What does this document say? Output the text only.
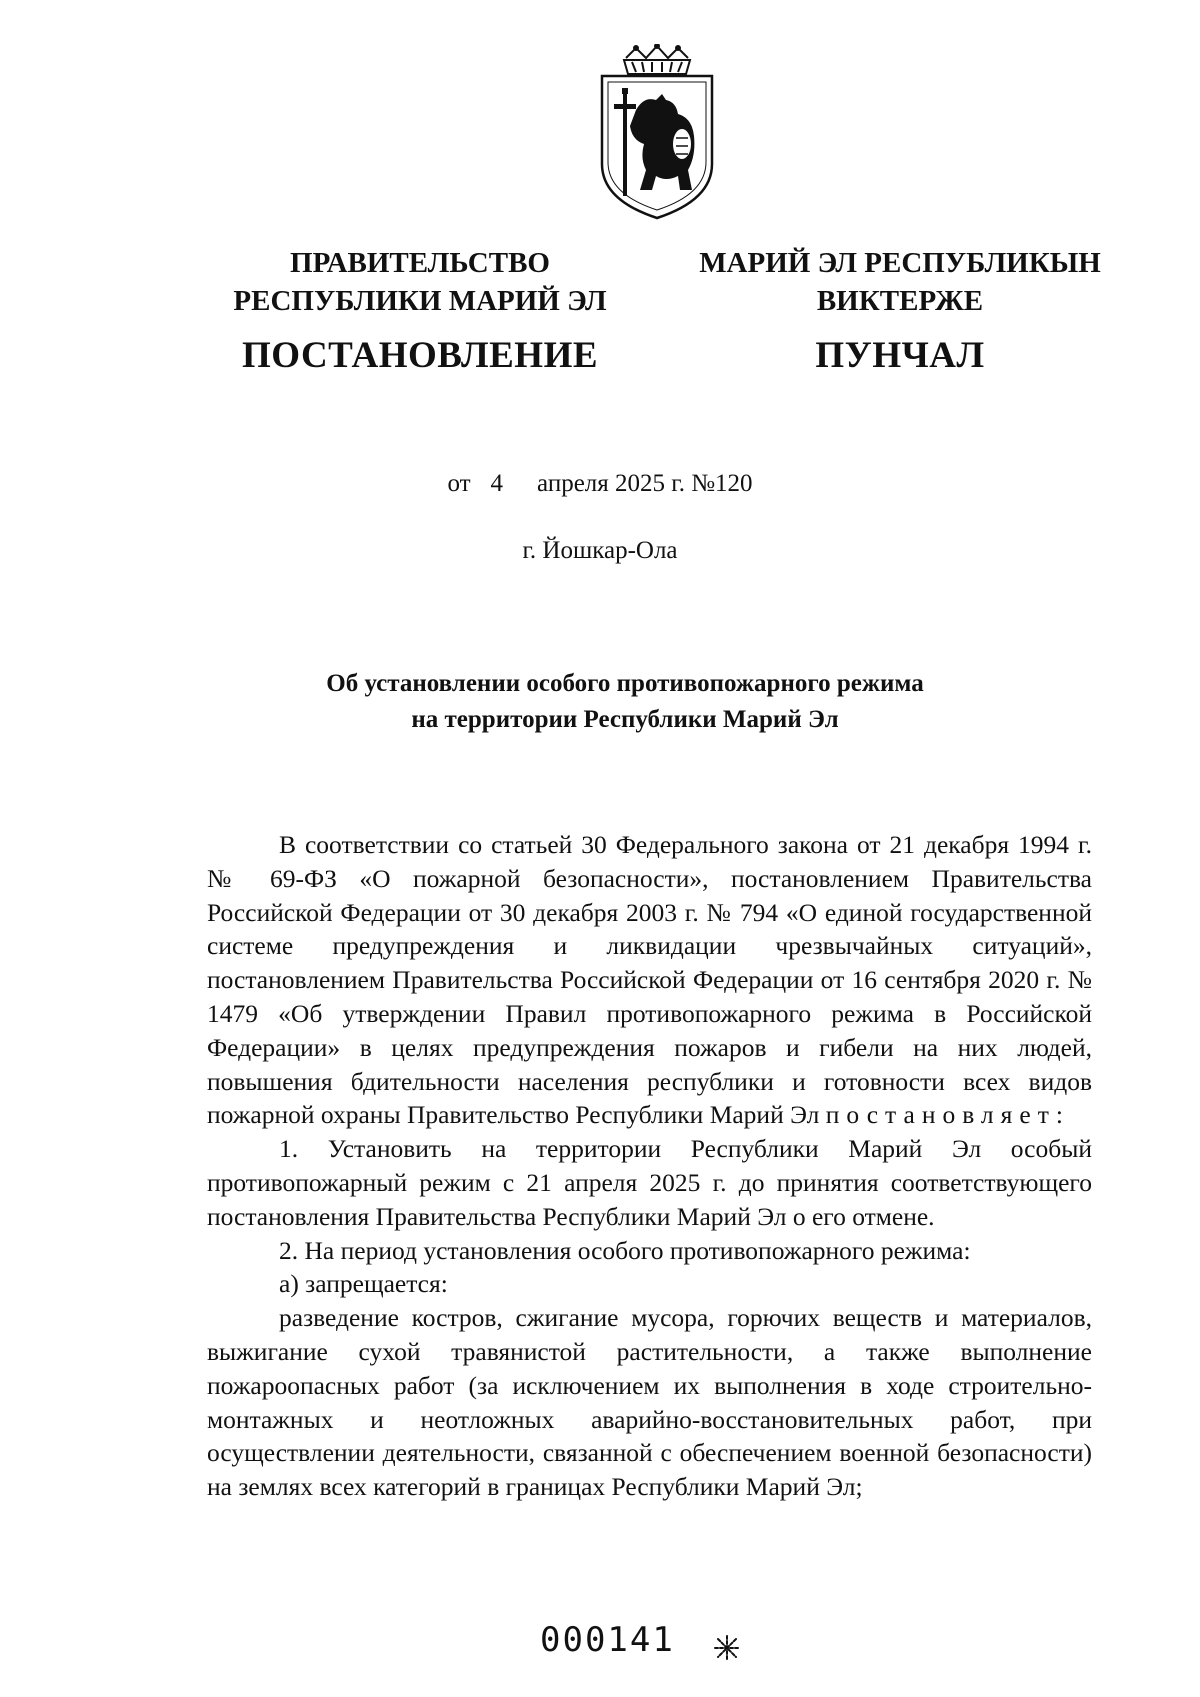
ПРАВИТЕЛЬСТВО
РЕСПУБЛИКИ МАРИЙ ЭЛ
ПОСТАНОВЛЕНИЕ
МАРИЙ ЭЛ РЕСПУБЛИКЫН
ВИКТЕРЖЕ
ПУНЧАЛ
от 4 апреля 2025 г. №120
г. Йошкар-Ола
Об установлении особого противопожарного режима
на территории Республики Марий Эл

В соответствии со статьей 30 Федерального закона от 21 декабря 1994 г. № 69-ФЗ «О пожарной безопасности», постановлением Правительства Российской Федерации от 30 декабря 2003 г. № 794 «О единой государственной системе предупреждения и ликвидации чрезвычайных ситуаций», постановлением Правительства Российской Федерации от 16 сентября 2020 г. № 1479 «Об утверждении Правил противопожарного режима в Российской Федерации» в целях предупреждения пожаров и гибели на них людей, повышения бдительности населения республики и готовности всех видов пожарной охраны Правительство Республики Марий Эл постановляет:

1. Установить на территории Республики Марий Эл особый противопожарный режим с 21 апреля 2025 г. до принятия соответствующего постановления Правительства Республики Марий Эл о его отмене.

2. На период установления особого противопожарного режима:

а) запрещается:

разведение костров, сжигание мусора, горючих веществ и материалов, выжигание сухой травянистой растительности, а также выполнение пожароопасных работ (за исключением их выполнения в ходе строительно-монтажных и неотложных аварийно-восстановительных работ, при осуществлении деятельности, связанной с обеспечением военной безопасности) на землях всех категорий в границах Республики Марий Эл;

000141
